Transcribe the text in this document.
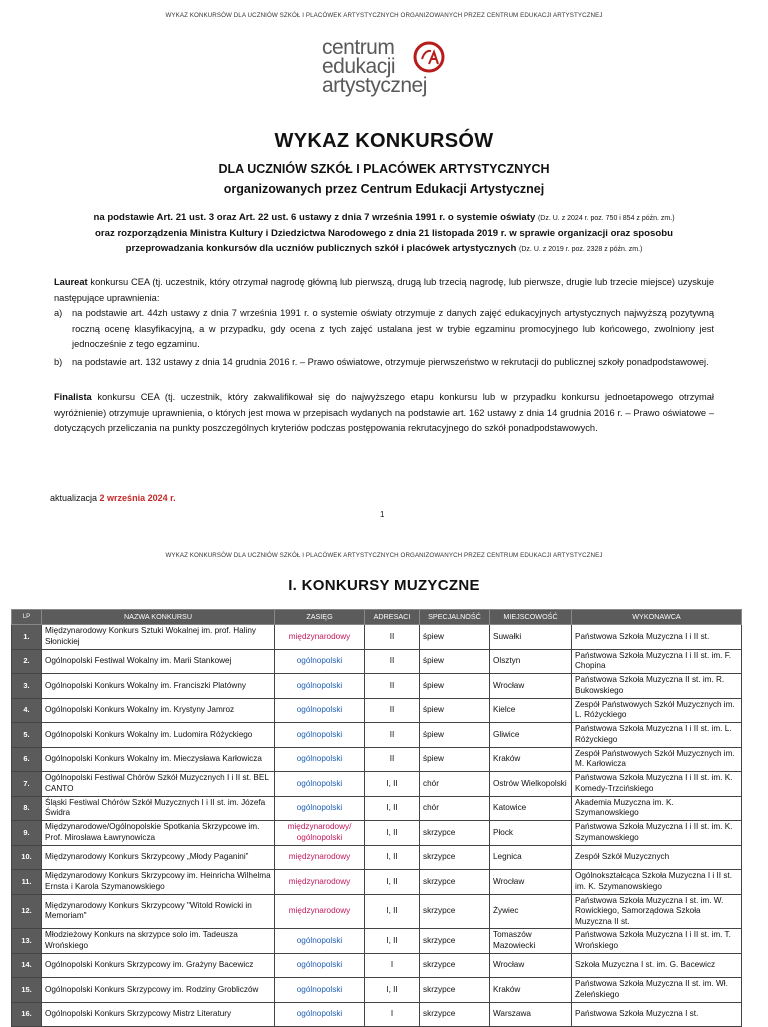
WYKAZ KONKURSÓW DLA UCZNIÓW SZKÓŁ I PLACÓWEK ARTYSTYCZNYCH ORGANIZOWANYCH PRZEZ CENTRUM EDUKACJI ARTYSTYCZNEJ
centrum
edukacji
artystycznej
WYKAZ KONKURSÓW
DLA UCZNIÓW SZKÓŁ I PLACÓWEK ARTYSTYCZNYCH
organizowanych przez Centrum Edukacji Artystycznej
na podstawie Art. 21 ust. 3 oraz Art. 22 ust. 6 ustawy z dnia 7 września 1991 r. o systemie oświaty (Dz. U. z 2024 r. poz. 750 i 854 z późn. zm.)
oraz rozporządzenia Ministra Kultury i Dziedzictwa Narodowego z dnia 21 listopada 2019 r. w sprawie organizacji oraz sposobu
przeprowadzania konkursów dla uczniów publicznych szkół i placówek artystycznych (Dz. U. z 2019 r. poz. 2328 z późn. zm.)
Laureat konkursu CEA (tj. uczestnik, który otrzymał nagrodę główną lub pierwszą, drugą lub trzecią nagrodę, lub pierwsze, drugie lub trzecie miejsce) uzyskuje następujące uprawnienia:
a)	na podstawie art. 44zh ustawy z dnia 7 września 1991 r. o systemie oświaty otrzymuje z danych zajęć edukacyjnych artystycznych najwyższą pozytywną roczną ocenę klasyfikacyjną, a w przypadku, gdy ocena z tych zajęć ustalana jest w trybie egzaminu promocyjnego lub końcowego, zwolniony jest jednocześnie z tego egzaminu.
b)	na podstawie art. 132 ustawy z dnia 14 grudnia 2016 r. – Prawo oświatowe, otrzymuje pierwszeństwo w rekrutacji do publicznej szkoły ponadpodstawowej.
Finalista konkursu CEA (tj. uczestnik, który zakwalifikował się do najwyższego etapu konkursu lub w przypadku konkursu jednoetapowego otrzymał wyróżnienie) otrzymuje uprawnienia, o których jest mowa w przepisach wydanych na podstawie art. 162 ustawy z dnia 14 grudnia 2016 r. – Prawo oświatowe – dotyczących przeliczania na punkty poszczególnych kryteriów podczas postępowania rekrutacyjnego do szkół ponadpodstawowych.
aktualizacja 2 września 2024 r.
1
WYKAZ KONKURSÓW DLA UCZNIÓW SZKÓŁ I PLACÓWEK ARTYSTYCZNYCH ORGANIZOWANYCH PRZEZ CENTRUM EDUKACJI ARTYSTYCZNEJ
I. KONKURSY MUZYCZNE
LP	NAZWA KONKURSU	ZASIĘG	ADRESACI	SPECJALNOŚĆ	MIEJSCOWOŚĆ	WYKONAWCA
1.	Międzynarodowy Konkurs Sztuki Wokalnej im. prof. Haliny Słonickiej	międzynarodowy	II	śpiew	Suwałki	Państwowa Szkoła Muzyczna I i II st.
2.	Ogólnopolski Festiwal Wokalny im. Marii Stankowej	ogólnopolski	II	śpiew	Olsztyn	Państwowa Szkoła Muzyczna I i II st. im. F. Chopina
3.	Ogólnopolski Konkurs Wokalny im. Franciszki Platówny	ogólnopolski	II	śpiew	Wrocław	Państwowa Szkoła Muzyczna II st. im. R. Bukowskiego
4.	Ogólnopolski Konkurs Wokalny im. Krystyny Jamroz	ogólnopolski	II	śpiew	Kielce	Zespół Państwowych Szkół Muzycznych im. L. Różyckiego
5.	Ogólnopolski Konkurs Wokalny im. Ludomira Różyckiego	ogólnopolski	II	śpiew	Gliwice	Państwowa Szkoła Muzyczna I i II st. im. L. Różyckiego
6.	Ogólnopolski Konkurs Wokalny im. Mieczysława Karłowicza	ogólnopolski	II	śpiew	Kraków	Zespół Państwowych Szkół Muzycznych im. M. Karłowicza
7.	Ogólnopolski Festiwal Chórów Szkół Muzycznych I i II st. BEL CANTO	ogólnopolski	I, II	chór	Ostrów Wielkopolski	Państwowa Szkoła Muzyczna I i II st. im. K. Komedy-Trzcińskiego
8.	Śląski Festiwal Chórów Szkół Muzycznych I i II st. im. Józefa Świdra	ogólnopolski	I, II	chór	Katowice	Akademia Muzyczna im. K. Szymanowskiego
9.	Międzynarodowe/Ogólnopolskie Spotkania Skrzypcowe im. Prof. Mirosława Ławrynowicza	międzynarodowy/ ogólnopolski	I, II	skrzypce	Płock	Państwowa Szkoła Muzyczna I i II st. im. K. Szymanowskiego
10.	Międzynarodowy Konkurs Skrzypcowy „Młody Paganini”	międzynarodowy	I, II	skrzypce	Legnica	Zespół Szkół Muzycznych
11.	Międzynarodowy Konkurs Skrzypcowy im. Heinricha Wilhelma Ernsta i Karola Szymanowskiego	międzynarodowy	I, II	skrzypce	Wrocław	Ogólnokształcąca Szkoła Muzyczna I i II st. im. K. Szymanowskiego
12.	Międzynarodowy Konkurs Skrzypcowy "Witold Rowicki in Memoriam"	międzynarodowy	I, II	skrzypce	Żywiec	Państwowa Szkoła Muzyczna I st. im. W. Rowickiego, Samorządowa Szkoła Muzyczna II st.
13.	Młodzieżowy Konkurs na skrzypce solo im. Tadeusza Wrońskiego	ogólnopolski	I, II	skrzypce	Tomaszów Mazowiecki	Państwowa Szkoła Muzyczna I i II st. im. T. Wrońskiego
14.	Ogólnopolski Konkurs Skrzypcowy im. Grażyny Bacewicz	ogólnopolski	I	skrzypce	Wrocław	Szkoła Muzyczna I st. im. G. Bacewicz
15.	Ogólnopolski Konkurs Skrzypcowy im. Rodziny Grobliczów	ogólnopolski	I, II	skrzypce	Kraków	Państwowa Szkoła Muzyczna II st. im. Wł. Żeleńskiego
16.	Ogólnopolski Konkurs Skrzypcowy Mistrz Literatury	ogólnopolski	I	skrzypce	Warszawa	Państwowa Szkoła Muzyczna I st.
